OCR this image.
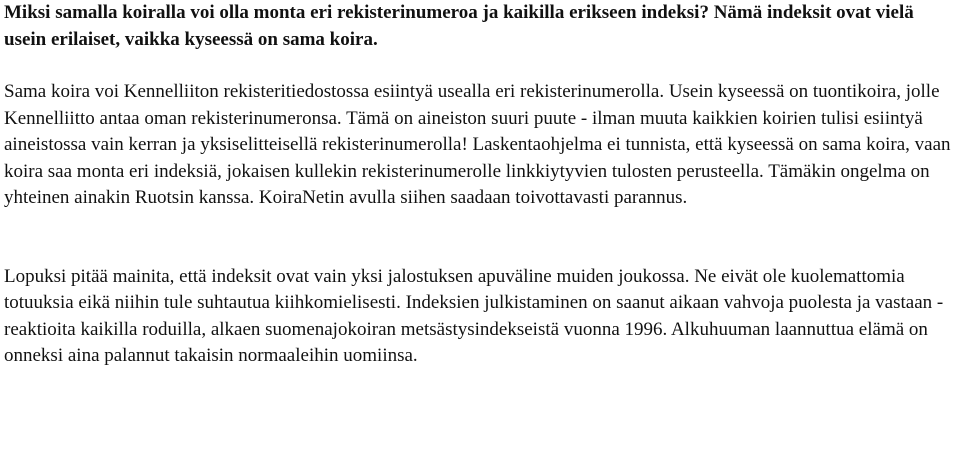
Miksi samalla koiralla voi olla monta eri rekisterinumeroa ja kaikilla erikseen indeksi? Nämä indeksit ovat vielä usein erilaiset, vaikka kyseessä on sama koira.

Sama koira voi Kennelliiton rekisteritiedostossa esiintyä usealla eri rekisterinumerolla. Usein kyseessä on tuontikoira, jolle Kennelliitto antaa oman rekisterinumeronsa. Tämä on aineiston suuri puute - ilman muuta kaikkien koirien tulisi esiintyä aineistossa vain kerran ja yksiselitteisellä rekisterinumerolla! Laskentaohjelma ei tunnista, että kyseessä on sama koira, vaan koira saa monta eri indeksiä, jokaisen kullekin rekisterinumerolle linkkiytyvien tulosten perusteella. Tämäkin ongelma on yhteinen ainakin Ruotsin kanssa. KoiraNetin avulla siihen saadaan toivottavasti parannus.

Lopuksi pitää mainita, että indeksit ovat vain yksi jalostuksen apuväline muiden joukossa. Ne eivät ole kuolemattomia totuuksia eikä niihin tule suhtautua kiihkomielisesti. Indeksien julkistaminen on saanut aikaan vahvoja puolesta ja vastaan -reaktioita kaikilla roduilla, alkaen suomenajokoiran metsästysindekseistä vuonna 1996. Alkuhuuman laannuttua elämä on onneksi aina palannut takaisin normaaleihin uomiinsa.
